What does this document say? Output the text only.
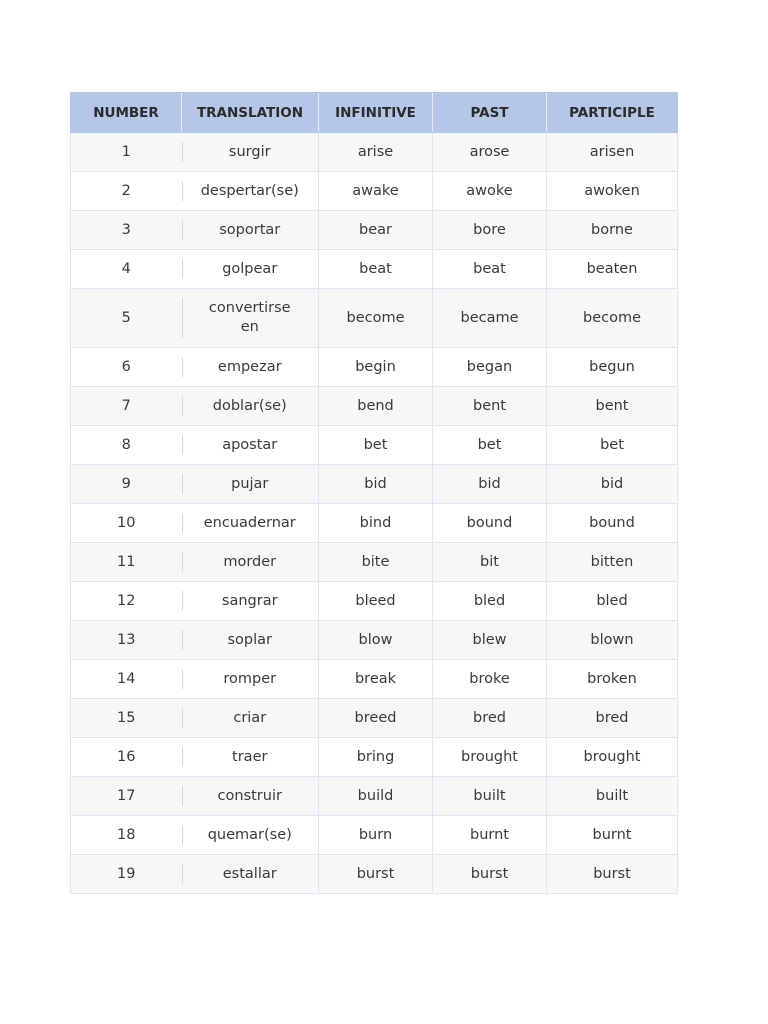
NUMBER	TRANSLATION	INFINITIVE	PAST	PARTICIPLE
1	surgir	arise	arose	arisen
2	despertar(se)	awake	awoke	awoken
3	soportar	bear	bore	borne
4	golpear	beat	beat	beaten
5	convertirse en	become	became	become
6	empezar	begin	began	begun
7	doblar(se)	bend	bent	bent
8	apostar	bet	bet	bet
9	pujar	bid	bid	bid
10	encuadernar	bind	bound	bound
11	morder	bite	bit	bitten
12	sangrar	bleed	bled	bled
13	soplar	blow	blew	blown
14	romper	break	broke	broken
15	criar	breed	bred	bred
16	traer	bring	brought	brought
17	construir	build	built	built
18	quemar(se)	burn	burnt	burnt
19	estallar	burst	burst	burst
